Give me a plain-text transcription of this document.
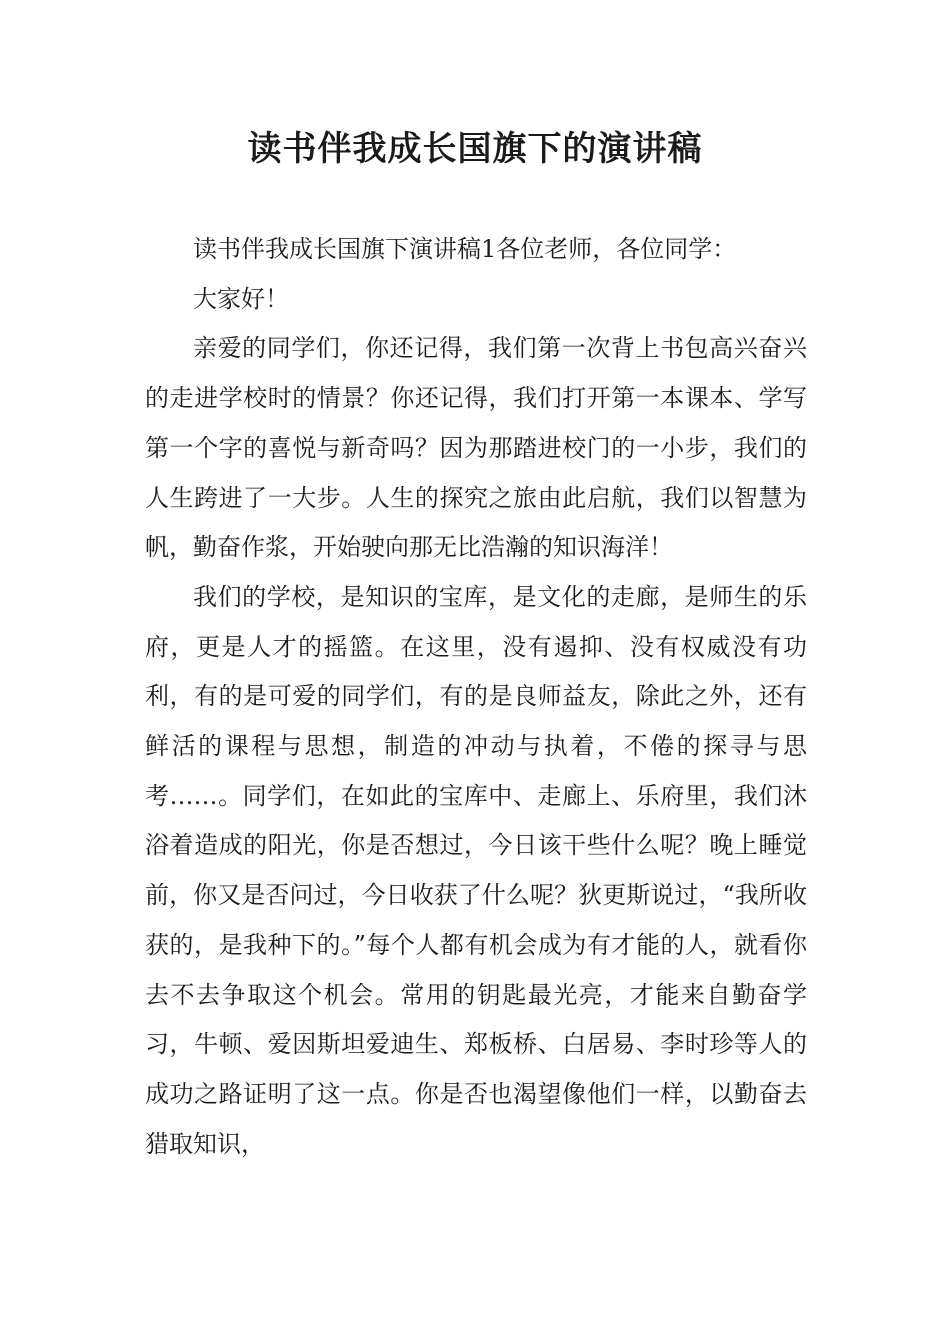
读书伴我成长国旗下的演讲稿

读书伴我成长国旗下演讲稿1各位老师，各位同学：

大家好！

亲爱的同学们，你还记得，我们第一次背上书包高兴奋兴的走进学校时的情景？你还记得，我们打开第一本课本、学写第一个字的喜悦与新奇吗？因为那踏进校门的一小步，我们的人生跨进了一大步。人生的探究之旅由此启航，我们以智慧为帆，勤奋作浆，开始驶向那无比浩瀚的知识海洋！

我们的学校，是知识的宝库，是文化的走廊，是师生的乐府，更是人才的摇篮。在这里，没有遏抑、没有权威没有功利，有的是可爱的同学们，有的是良师益友，除此之外，还有鲜活的课程与思想，制造的冲动与执着，不倦的探寻与思考……。同学们，在如此的宝库中、走廊上、乐府里，我们沐浴着造成的阳光，你是否想过，今日该干些什么呢？晚上睡觉前，你又是否问过，今日收获了什么呢？狄更斯说过，“我所收获的，是我种下的。”每个人都有机会成为有才能的人，就看你去不去争取这个机会。常用的钥匙最光亮，才能来自勤奋学习，牛顿、爱因斯坦爱迪生、郑板桥、白居易、李时珍等人的成功之路证明了这一点。你是否也渴望像他们一样，以勤奋去猎取知识，
